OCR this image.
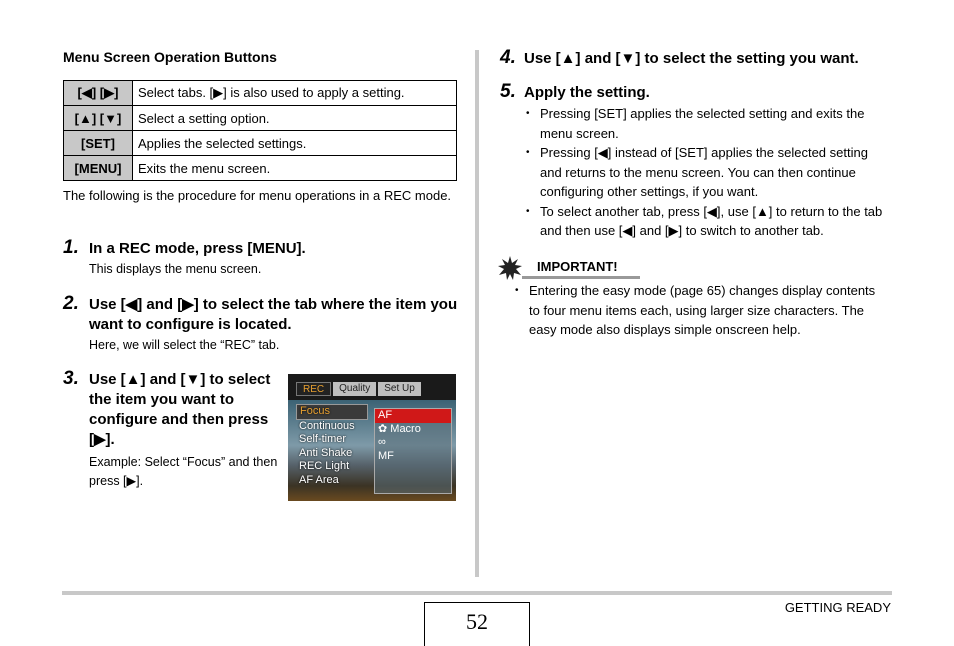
Menu Screen Operation Buttons
[◀] [▶]	Select tabs. [▶] is also used to apply a setting.
[▲] [▼]	Select a setting option.
[SET]	Applies the selected settings.
[MENU]	Exits the menu screen.
The following is the procedure for menu operations in a REC mode.
1. In a REC mode, press [MENU].
This displays the menu screen.
2. Use [◀] and [▶] to select the tab where the item you want to configure is located.
Here, we will select the “REC” tab.
3. Use [▲] and [▼] to select the item you want to configure and then press [▶].
Example: Select “Focus” and then press [▶].
REC	Quality	Set Up
Focus
Continuous
Self-timer
Anti Shake
REC Light
AF Area
AF
✿ Macro
∞
MF
4. Use [▲] and [▼] to select the setting you want.
5. Apply the setting.
• Pressing [SET] applies the selected setting and exits the menu screen.
• Pressing [◀] instead of [SET] applies the selected setting and returns to the menu screen. You can then continue configuring other settings, if you want.
• To select another tab, press [◀], use [▲] to return to the tab and then use [◀] and [▶] to switch to another tab.
IMPORTANT!
• Entering the easy mode (page 65) changes display contents to four menu items each, using larger size characters. The easy mode also displays simple onscreen help.
52
GETTING READY
